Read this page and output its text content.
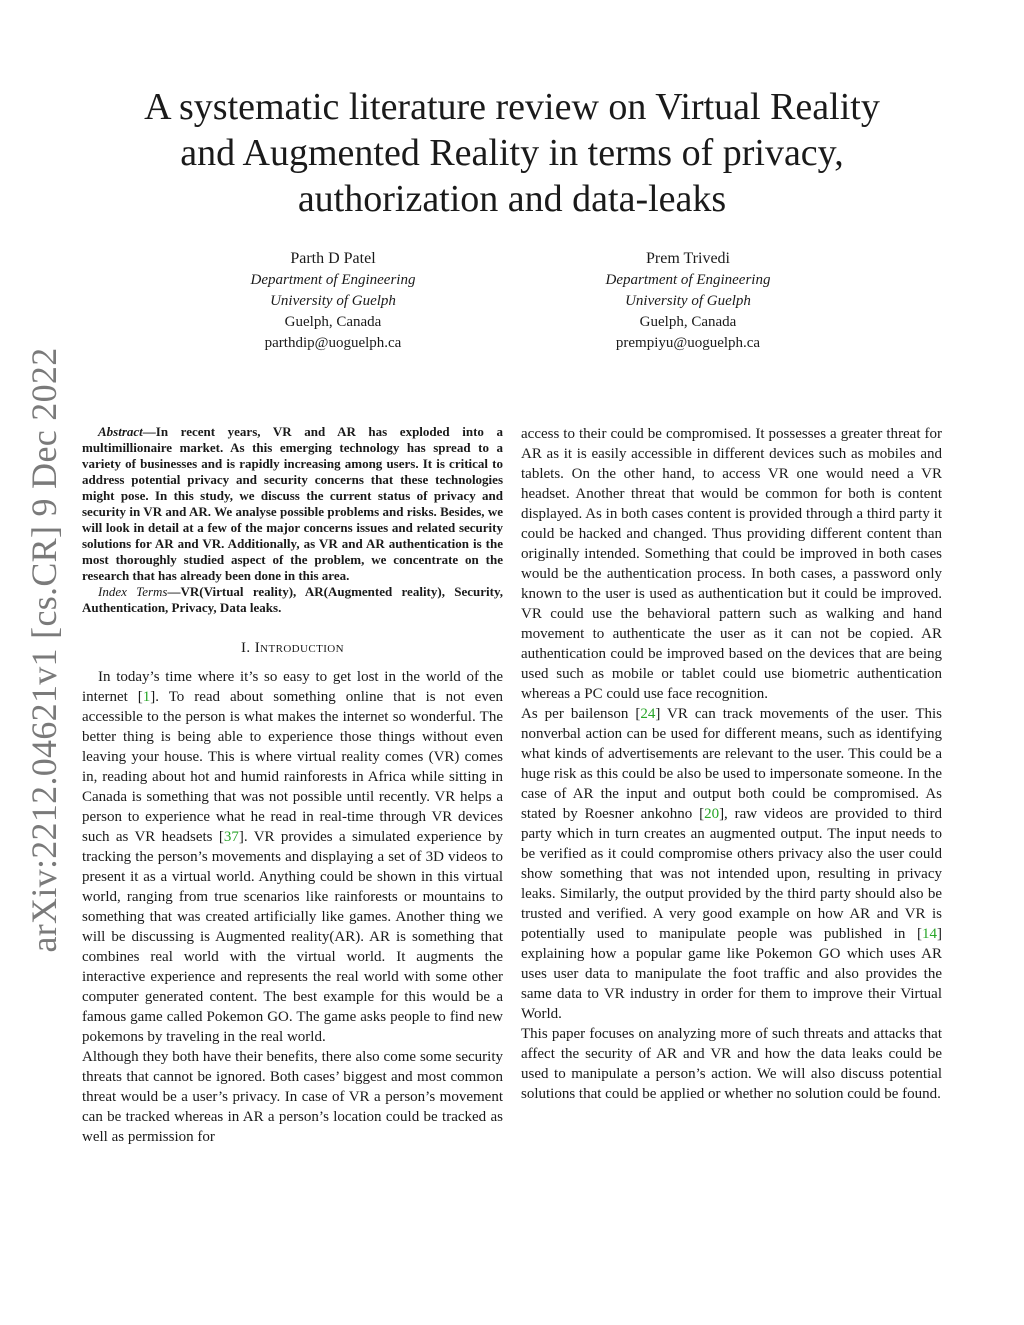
arXiv:2212.04621v1 [cs.CR] 9 Dec 2022
A systematic literature review on Virtual Reality
and Augmented Reality in terms of privacy,
authorization and data-leaks
Parth D Patel
Department of Engineering
University of Guelph
Guelph, Canada
parthdip@uoguelph.ca
Prem Trivedi
Department of Engineering
University of Guelph
Guelph, Canada
prempiyu@uoguelph.ca

Abstract—In recent years, VR and AR has exploded into a multimillionaire market. As this emerging technology has spread to a variety of businesses and is rapidly increasing among users. It is critical to address potential privacy and security concerns that these technologies might pose. In this study, we discuss the current status of privacy and security in VR and AR. We analyse possible problems and risks. Besides, we will look in detail at a few of the major concerns issues and related security solutions for AR and VR. Additionally, as VR and AR authentication is the most thoroughly studied aspect of the problem, we concentrate on the research that has already been done in this area.

Index Terms—VR(Virtual reality), AR(Augmented reality), Security, Authentication, Privacy, Data leaks.

I. Introduction

In today’s time where it’s so easy to get lost in the world of the internet [1]. To read about something online that is not even accessible to the person is what makes the internet so wonderful. The better thing is being able to experience those things without even leaving your house. This is where virtual reality comes (VR) comes in, reading about hot and humid rainforests in Africa while sitting in Canada is something that was not possible until recently. VR helps a person to experience what he read in real-time through VR devices such as VR headsets [37]. VR provides a simulated experience by tracking the person’s movements and displaying a set of 3D videos to present it as a virtual world. Anything could be shown in this virtual world, ranging from true scenarios like rainforests or mountains to something that was created artificially like games. Another thing we will be discussing is Augmented reality(AR). AR is something that combines real world with the virtual world. It augments the interactive experience and represents the real world with some other computer generated content. The best example for this would be a famous game called Pokemon GO. The game asks people to find new pokemons by traveling in the real world.

Although they both have their benefits, there also come some security threats that cannot be ignored. Both cases’ biggest and most common threat would be a user’s privacy. In case of VR a person’s movement can be tracked whereas in AR a person’s location could be tracked as well as permission for

access to their could be compromised. It possesses a greater threat for AR as it is easily accessible in different devices such as mobiles and tablets. On the other hand, to access VR one would need a VR headset. Another threat that would be common for both is content displayed. As in both cases content is provided through a third party it could be hacked and changed. Thus providing different content than originally intended. Something that could be improved in both cases would be the authentication process. In both cases, a password only known to the user is used as authentication but it could be improved. VR could use the behavioral pattern such as walking and hand movement to authenticate the user as it can not be copied. AR authentication could be improved based on the devices that are being used such as mobile or tablet could use biometric authentication whereas a PC could use face recognition.

As per bailenson [24] VR can track movements of the user. This nonverbal action can be used for different means, such as identifying what kinds of advertisements are relevant to the user. This could be a huge risk as this could be also be used to impersonate someone. In the case of AR the input and output both could be compromised. As stated by Roesner ankohno [20], raw videos are provided to third party which in turn creates an augmented output. The input needs to be verified as it could compromise others privacy also the user could show something that was not intended upon, resulting in privacy leaks. Similarly, the output provided by the third party should also be trusted and verified. A very good example on how AR and VR is potentially used to manipulate people was published in [14] explaining how a popular game like Pokemon GO which uses AR uses user data to manipulate the foot traffic and also provides the same data to VR industry in order for them to improve their Virtual World.

This paper focuses on analyzing more of such threats and attacks that affect the security of AR and VR and how the data leaks could be used to manipulate a person’s action. We will also discuss potential solutions that could be applied or whether no solution could be found.
